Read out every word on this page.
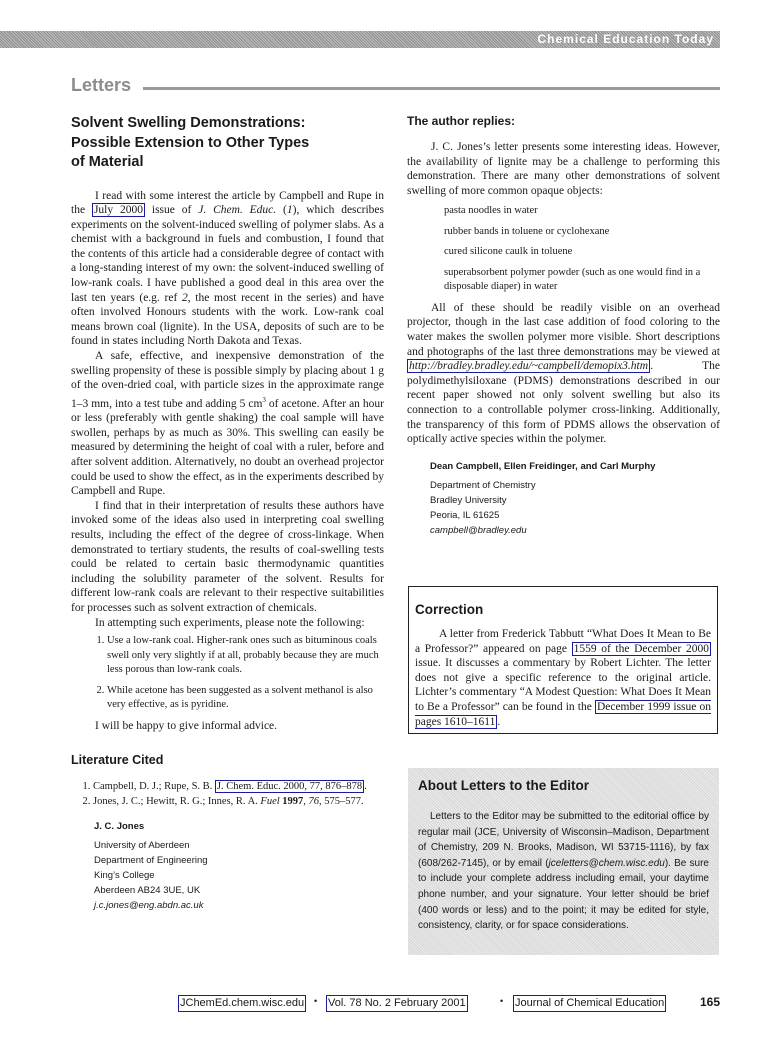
Chemical Education Today
Letters
Solvent Swelling Demonstrations:
Possible Extension to Other Types
of Material

I read with some interest the article by Campbell and Rupe in the July 2000 issue of J. Chem. Educ. (1), which describes experiments on the solvent-induced swelling of polymer slabs. As a chemist with a background in fuels and combustion, I found that the contents of this article had a considerable degree of contact with a long-standing interest of my own: the solvent-induced swelling of low-rank coals. I have published a good deal in this area over the last ten years (e.g. ref 2, the most recent in the series) and have often involved Honours students with the work. Low-rank coal means brown coal (lignite). In the USA, deposits of such are to be found in states including North Dakota and Texas.

A safe, effective, and inexpensive demonstration of the swelling propensity of these is possible simply by placing about 1 g of the oven-dried coal, with particle sizes in the approximate range 1–3 mm, into a test tube and adding 5 $cm^3$ of acetone. After an hour or less (preferably with gentle shaking) the coal sample will have swollen, perhaps by as much as 30%. This swelling can easily be measured by determining the height of coal with a ruler, before and after solvent addition. Alternatively, no doubt an overhead projector could be used to show the effect, as in the experiments described by Campbell and Rupe.

I find that in their interpretation of results these authors have invoked some of the ideas also used in interpreting coal swelling results, including the effect of the degree of cross-linkage. When demonstrated to tertiary students, the results of coal-swelling tests could be related to certain basic thermodynamic quantities including the solubility parameter of the solvent. Results for different low-rank coals are relevant to their respective suitabilities for processes such as solvent extraction of chemicals.

In attempting such experiments, please note the following:

1. Use a low-rank coal. Higher-rank ones such as bituminous coals swell only very slightly if at all, probably because they are much less porous than low-rank coals.
2. While acetone has been suggested as a solvent methanol is also very effective, as is pyridine.

I will be happy to give informal advice.

Literature Cited
1. Campbell, D. J.; Rupe, S. B. J. Chem. Educ. 2000, 77, 876–878 .
2. Jones, J. C.; Hewitt, R. G.; Innes, R. A. Fuel 1997, 76, 575–577.
J. C. Jones
University of Aberdeen
Department of Engineering
King’s College
Aberdeen AB24 3UE, UK
j.c.jones@eng.abdn.ac.uk
The author replies:

J. C. Jones’s letter presents some interesting ideas. However, the availability of lignite may be a challenge to performing this demonstration. There are many other demonstrations of solvent swelling of more common opaque objects:

pasta noodles in water
rubber bands in toluene or cyclohexane
cured silicone caulk in toluene
superabsorbent polymer powder (such as one would find in a disposable diaper) in water

All of these should be readily visible on an overhead projector, though in the last case addition of food coloring to the water makes the swollen polymer more visible. Short descriptions and photographs of the last three demonstrations may be viewed at http://bradley.bradley.edu/~campbell/demopix3.htm . The polydimethylsiloxane (PDMS) demonstrations described in our recent paper showed not only solvent swelling but also its connection to a controllable polymer cross-linking. Additionally, the transparency of this form of PDMS allows the observation of optically active species within the polymer.

Dean Campbell, Ellen Freidinger, and Carl Murphy
Department of Chemistry
Bradley University
Peoria, IL 61625
campbell@bradley.edu
Correction

A letter from Frederick Tabbutt “What Does It Mean to Be a Professor?” appeared on page 1559 of the December 2000 issue. It discusses a commentary by Robert Lichter. The letter does not give a specific reference to the original article. Lichter’s commentary “A Modest Question: What Does It Mean to Be a Professor” can be found in the December 1999 issue on pages 1610–1611 .

About Letters to the Editor

Letters to the Editor may be submitted to the editorial office by regular mail (JCE, University of Wisconsin–Madison, Department of Chemistry, 209 N. Brooks, Madison, WI 53715-1116), by fax (608/262-7145), or by email (jceletters@chem.wisc.edu). Be sure to include your complete address including email, your daytime phone number, and your signature. Your letter should be brief (400 words or less) and to the point; it may be edited for style, consistency, clarity, or for space considerations.

JChemEd.chem.wisc.edu • Vol. 78 No. 2 February 2001	• Journal of Chemical Education	165
